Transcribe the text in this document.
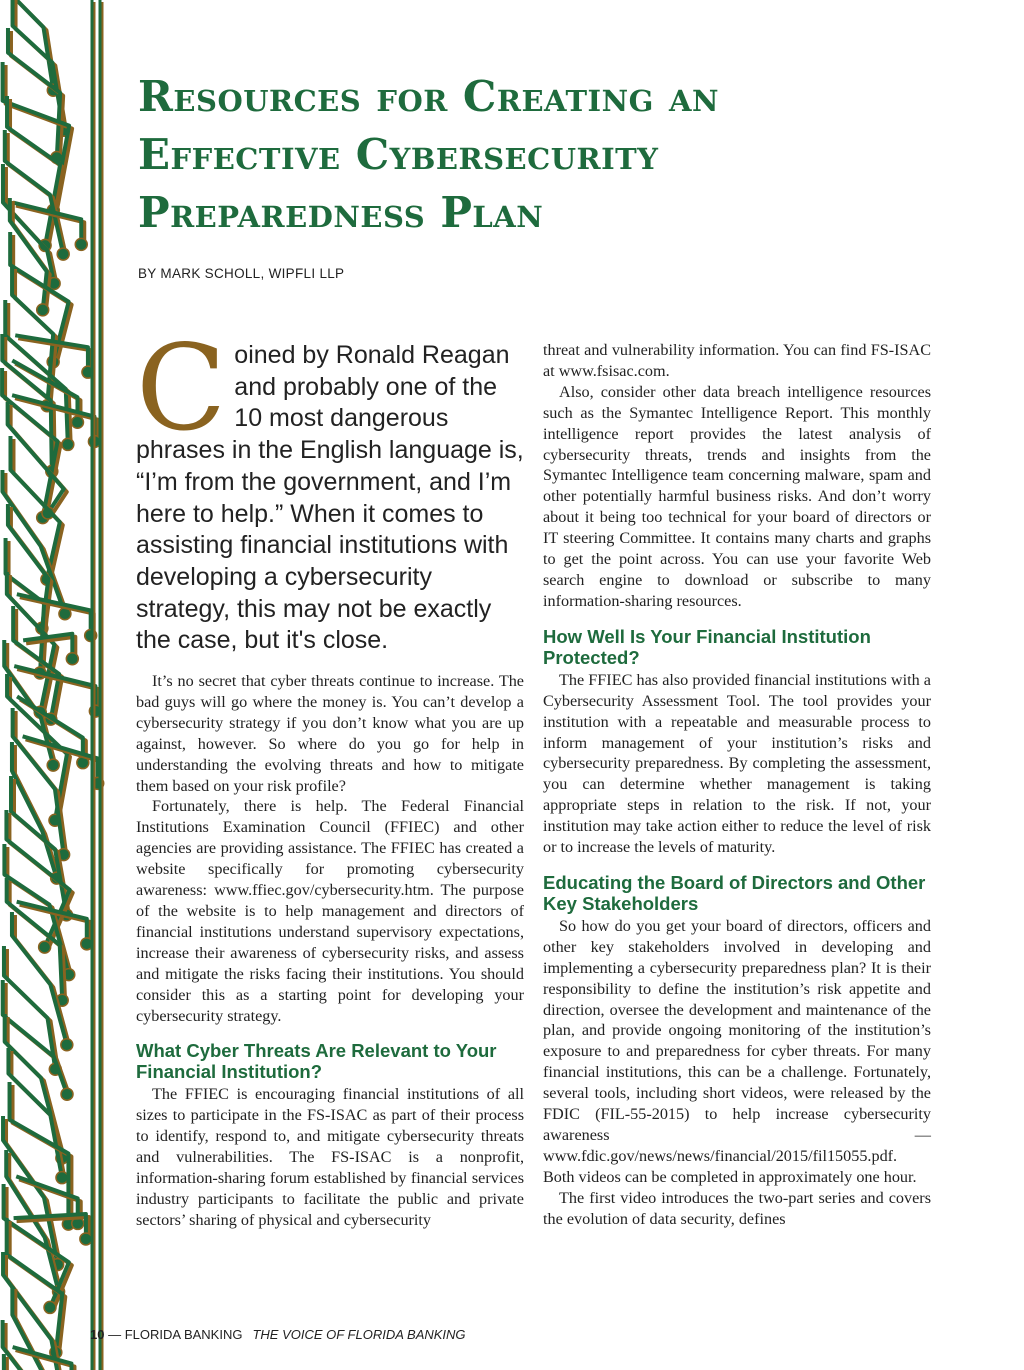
Resources for Creating an
Effective Cybersecurity
Preparedness Plan

BY MARK SCHOLL, WIPFLI LLP

Coined by Ronald Reagan and probably one of the 10 most dangerous phrases in the English language is, “I’m from the government, and I’m here to help.” When it comes to assisting financial institutions with developing a cybersecurity strategy, this may not be exactly the case, but it's close.

It’s no secret that cyber threats continue to increase. The bad guys will go where the money is. You can’t develop a cybersecurity strategy if you don’t know what you are up against, however. So where do you go for help in understanding the evolving threats and how to mitigate them based on your risk profile?

Fortunately, there is help. The Federal Financial Institutions Examination Council (FFIEC) and other agencies are providing assistance. The FFIEC has created a website specifically for promoting cybersecurity awareness: www.ffiec.gov/cybersecurity.htm. The purpose of the website is to help management and directors of financial institutions understand supervisory expectations, increase their awareness of cybersecurity risks, and assess and mitigate the risks facing their institutions. You should consider this as a starting point for developing your cybersecurity strategy.

What Cyber Threats Are Relevant to Your Financial Institution?

The FFIEC is encouraging financial institutions of all sizes to participate in the FS-ISAC as part of their process to identify, respond to, and mitigate cybersecurity threats and vulnerabilities. The FS-ISAC is a nonprofit, information-sharing forum established by financial services industry participants to facilitate the public and private sectors’ sharing of physical and cybersecurity

threat and vulnerability information. You can find FS-ISAC at www.fsisac.com.

Also, consider other data breach intelligence resources such as the Symantec Intelligence Report. This monthly intelligence report provides the latest analysis of cybersecurity threats, trends and insights from the Symantec Intelligence team concerning malware, spam and other potentially harmful business risks. And don’t worry about it being too technical for your board of directors or IT steering Committee. It contains many charts and graphs to get the point across. You can use your favorite Web search engine to download or subscribe to many information-sharing resources.

How Well Is Your Financial Institution Protected?

The FFIEC has also provided financial institutions with a Cybersecurity Assessment Tool. The tool provides your institution with a repeatable and measurable process to inform management of your institution’s risks and cybersecurity preparedness. By completing the assessment, you can determine whether management is taking appropriate steps in relation to the risk. If not, your institution may take action either to reduce the level of risk or to increase the levels of maturity.

Educating the Board of Directors and Other Key Stakeholders

So how do you get your board of directors, officers and other key stakeholders involved in developing and implementing a cybersecurity preparedness plan? It is their responsibility to define the institution’s risk appetite and direction, oversee the development and maintenance of the plan, and provide ongoing monitoring of the institution’s exposure to and preparedness for cyber threats. For many financial institutions, this can be a challenge. Fortunately, several tools, including short videos, were released by the FDIC (FIL-55-2015) to help increase cybersecurity awareness —www.fdic.gov/news/news/financial/2015/fil15055.pdf. Both videos can be completed in approximately one hour.

The first video introduces the two-part series and covers the evolution of data security, defines

10 — FLORIDA BANKING THE VOICE OF FLORIDA BANKING
